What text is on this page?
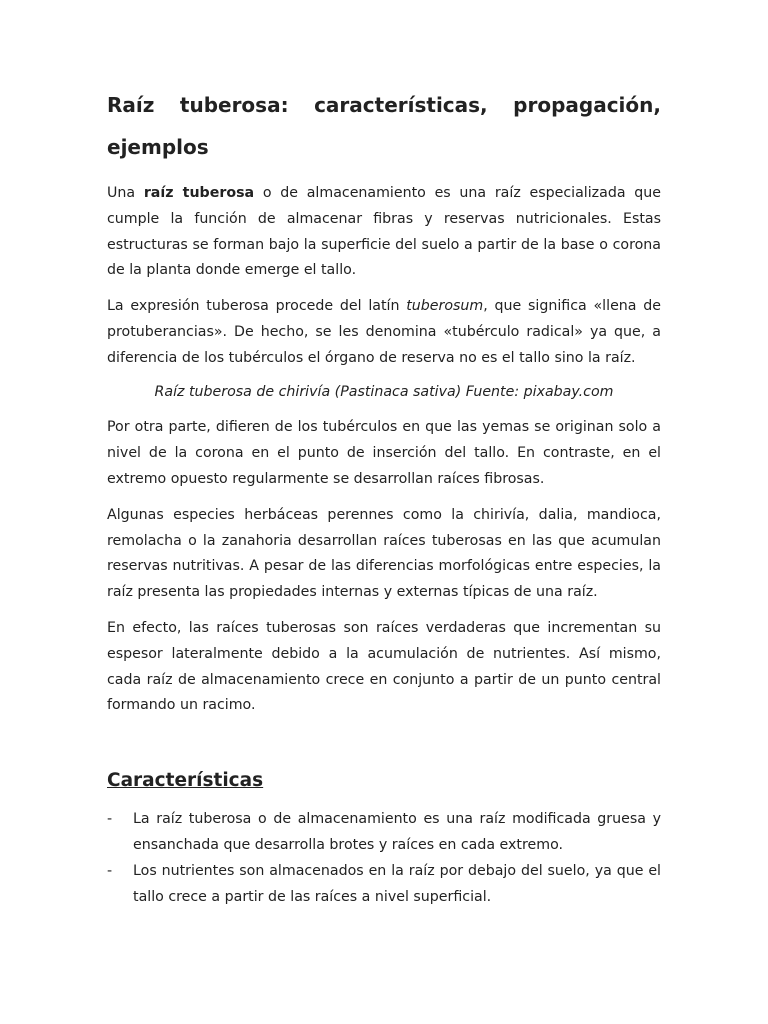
Raíz tuberosa: características, propagación, ejemplos

Una raíz tuberosa o de almacenamiento es una raíz especializada que cumple la función de almacenar fibras y reservas nutricionales. Estas estructuras se forman bajo la superficie del suelo a partir de la base o corona de la planta donde emerge el tallo.

La expresión tuberosa procede del latín tuberosum, que significa «llena de protuberancias». De hecho, se les denomina «tubérculo radical» ya que, a diferencia de los tubérculos el órgano de reserva no es el tallo sino la raíz.

Raíz tuberosa de chirivía (Pastinaca sativa) Fuente: pixabay.com

Por otra parte, difieren de los tubérculos en que las yemas se originan solo a nivel de la corona en el punto de inserción del tallo. En contraste, en el extremo opuesto regularmente se desarrollan raíces fibrosas.

Algunas especies herbáceas perennes como la chirivía, dalia, mandioca, remolacha o la zanahoria desarrollan raíces tuberosas en las que acumulan reservas nutritivas. A pesar de las diferencias morfológicas entre especies, la raíz presenta las propiedades internas y externas típicas de una raíz.

En efecto, las raíces tuberosas son raíces verdaderas que incrementan su espesor lateralmente debido a la acumulación de nutrientes. Así mismo, cada raíz de almacenamiento crece en conjunto a partir de un punto central formando un racimo.

Características
-	La raíz tuberosa o de almacenamiento es una raíz modificada gruesa y ensanchada que desarrolla brotes y raíces en cada extremo.
-	Los nutrientes son almacenados en la raíz por debajo del suelo, ya que el tallo crece a partir de las raíces a nivel superficial.
